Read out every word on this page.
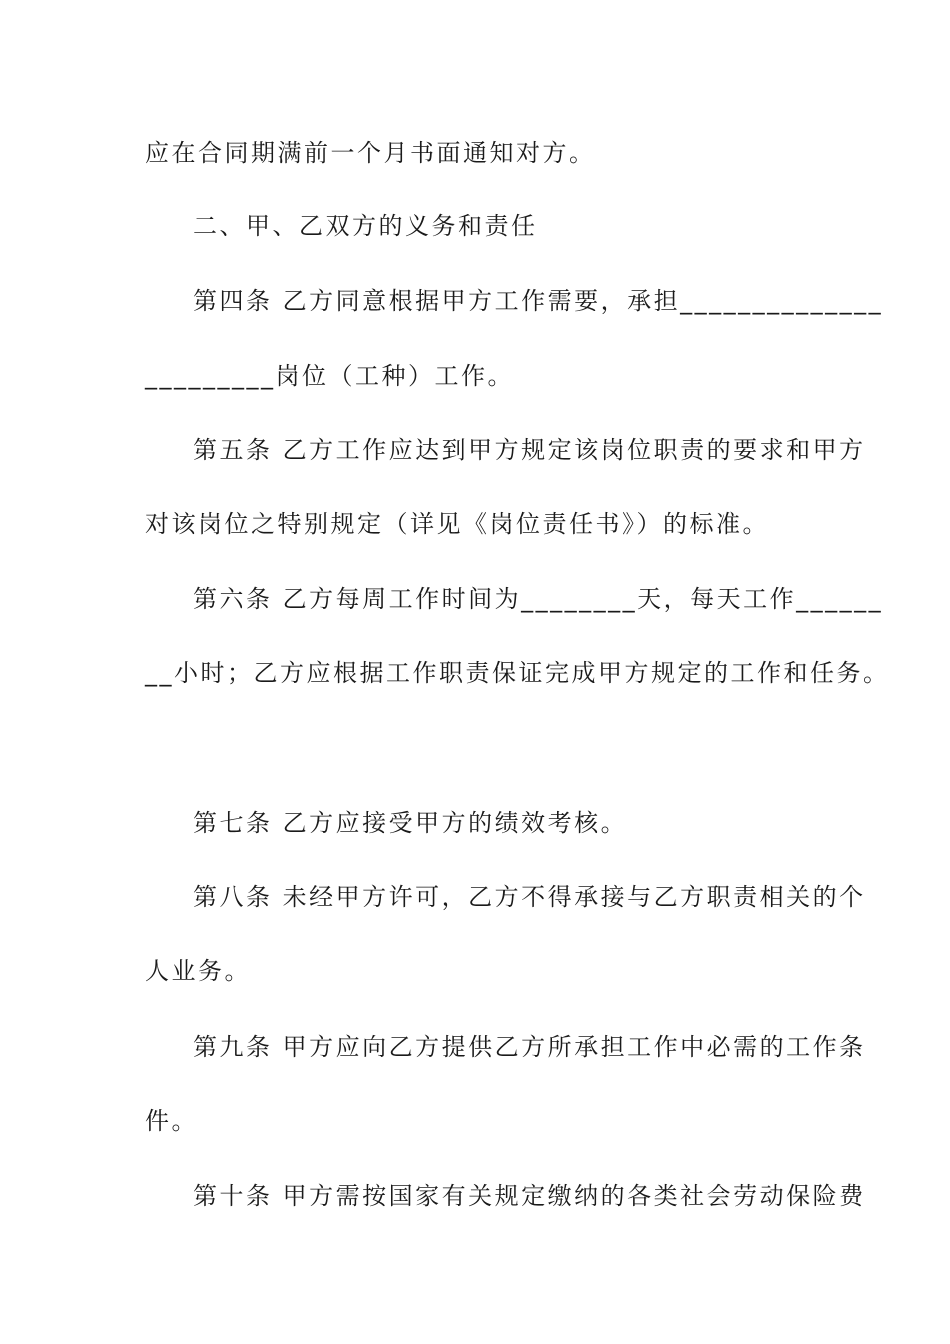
应在合同期满前一个月书面通知对方。
二、甲、乙双方的义务和责任
第四条 乙方同意根据甲方工作需要，承担______________
_________岗位（工种）工作。
第五条 乙方工作应达到甲方规定该岗位职责的要求和甲方
对该岗位之特别规定（详见《岗位责任书》）的标准。
第六条 乙方每周工作时间为________天，每天工作______
__小时；乙方应根据工作职责保证完成甲方规定的工作和任务。
第七条 乙方应接受甲方的绩效考核。
第八条 未经甲方许可，乙方不得承接与乙方职责相关的个
人业务。
第九条 甲方应向乙方提供乙方所承担工作中必需的工作条
件。
第十条 甲方需按国家有关规定缴纳的各类社会劳动保险费
